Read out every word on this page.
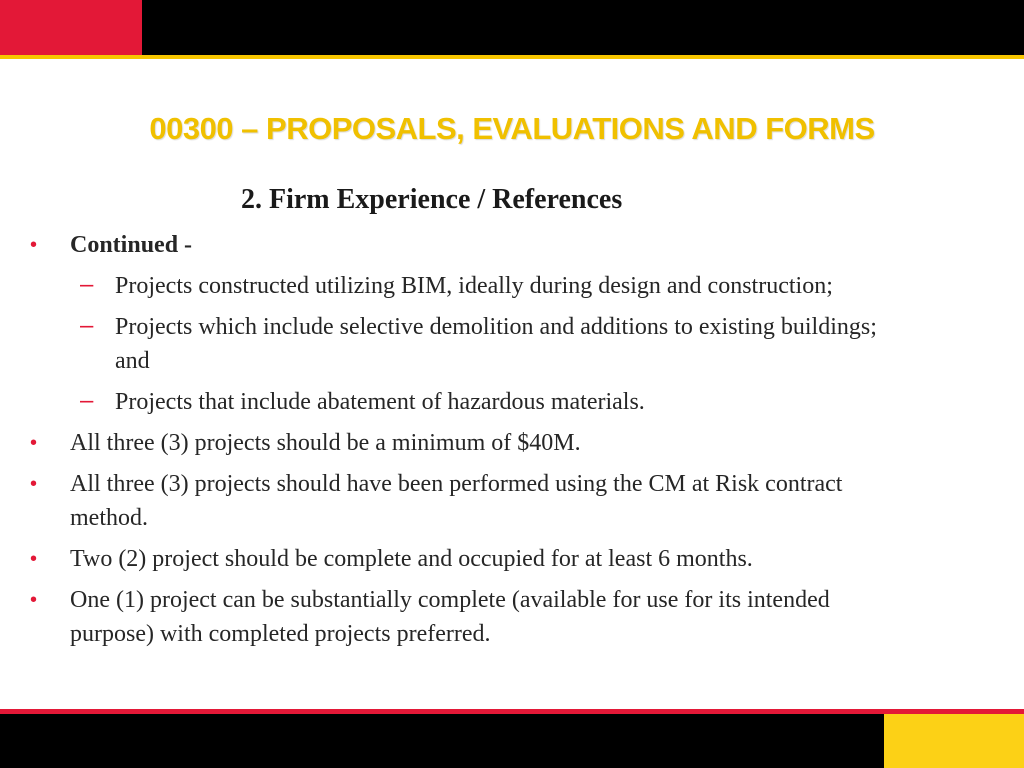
00300 – PROPOSALS, EVALUATIONS AND FORMS
2. Firm Experience / References
• Continued -
– Projects constructed utilizing BIM, ideally during design and construction;
– Projects which include selective demolition and additions to existing buildings; and
– Projects that include abatement of hazardous materials.
• All three (3) projects should be a minimum of $40M.
• All three (3) projects should have been performed using the CM at Risk contract method.
• Two (2) project should be complete and occupied for at least 6 months.
• One (1) project can be substantially complete (available for use for its intended purpose) with completed projects preferred.
